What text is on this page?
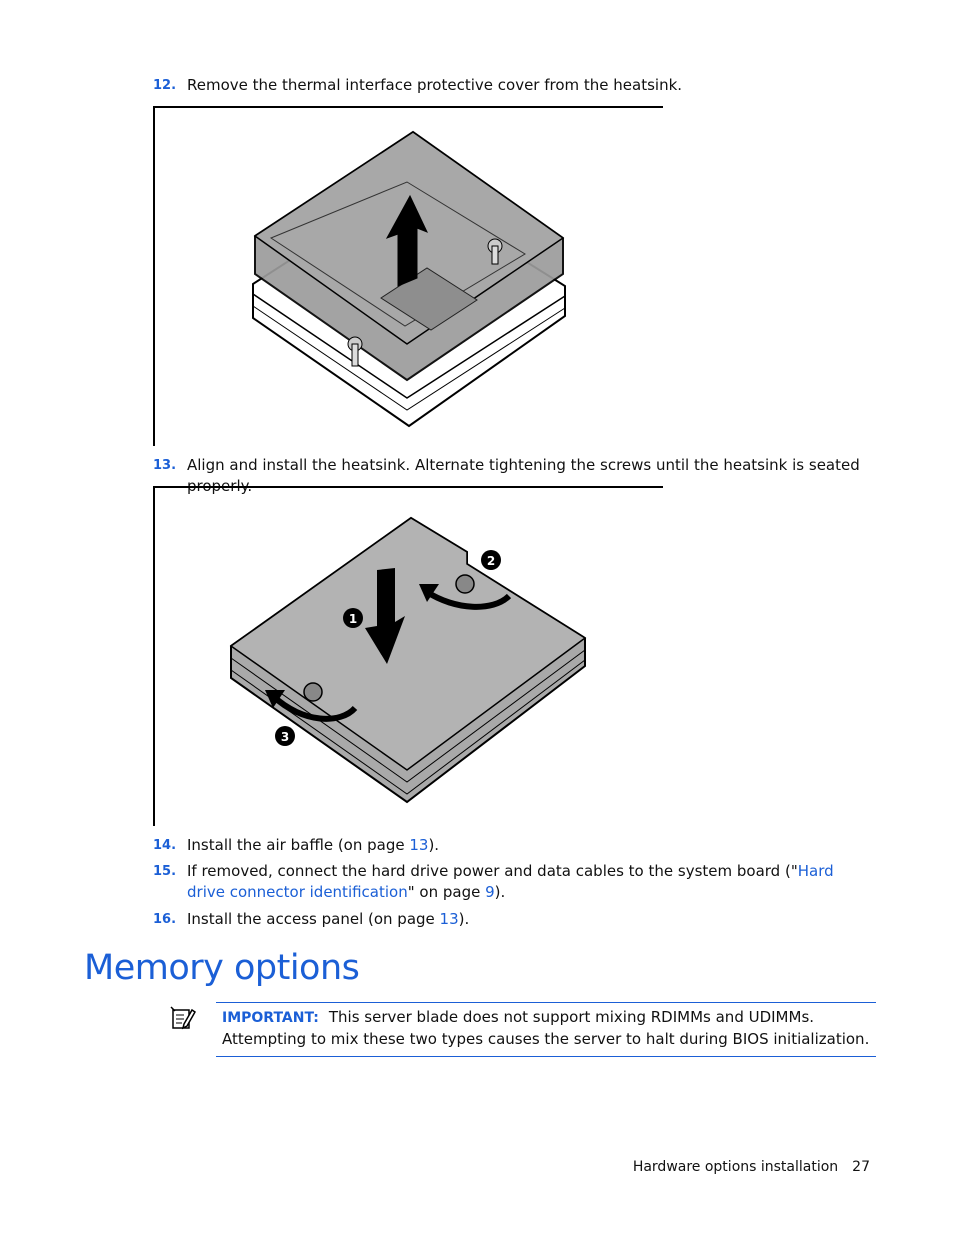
12. Remove the thermal interface protective cover from the heatsink.
13. Align and install the heatsink. Alternate tightening the screws until the heatsink is seated properly.
1
2
3
14. Install the air baffle (on page 13).
15. If removed, connect the hard drive power and data cables to the system board ("Hard drive connector identification" on page 9).
16. Install the access panel (on page 13).
Memory options
IMPORTANT: This server blade does not support mixing RDIMMs and UDIMMs. Attempting to mix these two types causes the server to halt during BIOS initialization.
Hardware options installation 27
